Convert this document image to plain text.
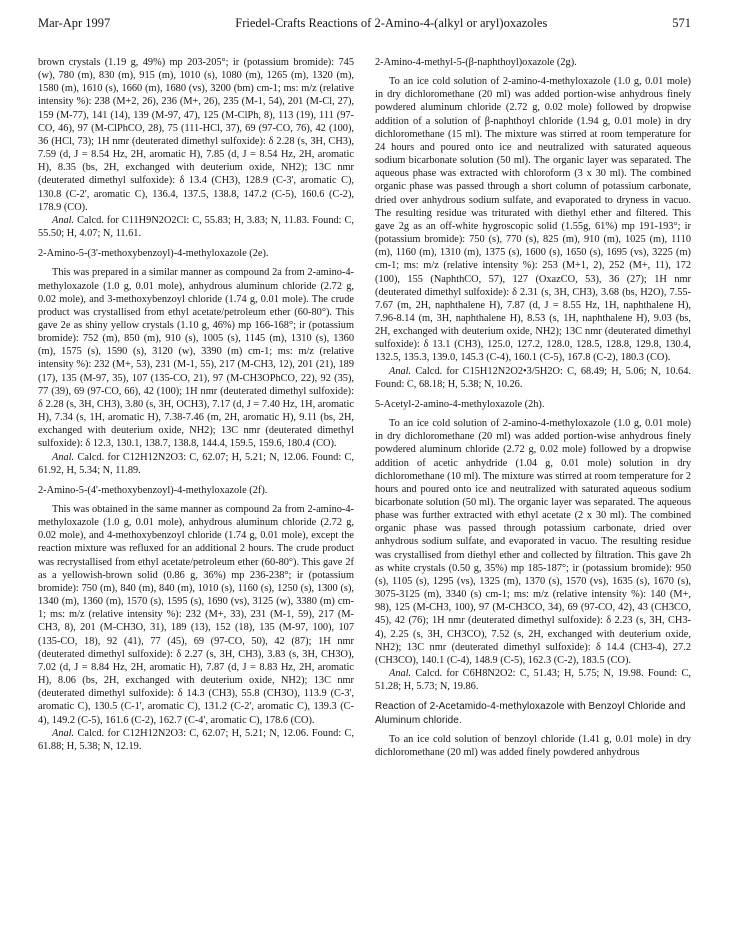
Mar-Apr 1997	Friedel-Crafts Reactions of 2-Amino-4-(alkyl or aryl)oxazoles	571

brown crystals (1.19 g, 49%) mp 203-205°; ir (potassium bromide): 745 (w), 780 (m), 830 (m), 915 (m), 1010 (s), 1080 (m), 1265 (m), 1320 (m), 1580 (m), 1610 (s), 1660 (m), 1680 (vs), 3200 (bm) cm-1; ms: m/z (relative intensity %): 238 (M+2, 26), 236 (M+, 26), 235 (M-1, 54), 201 (M-Cl, 27), 159 (M-77), 141 (14), 139 (M-97, 47), 125 (M-ClPh, 8), 113 (19), 111 (97-CO, 46), 97 (M-ClPhCO, 28), 75 (111-HCl, 37), 69 (97-CO, 76), 42 (100), 36 (HCl, 73); 1H nmr (deuterated dimethyl sulfoxide): δ 2.28 (s, 3H, CH3), 7.59 (d, J = 8.54 Hz, 2H, aromatic H), 7.85 (d, J = 8.54 Hz, 2H, aromatic H), 8.35 (bs, 2H, exchanged with deuterium oxide, NH2); 13C nmr (deuterated dimethyl sulfoxide): δ 13.4 (CH3), 128.9 (C-3', aromatic C), 130.8 (C-2', aromatic C), 136.4, 137.5, 138.8, 147.2 (C-5), 160.6 (C-2), 178.9 (CO).

Anal. Calcd. for C11H9N2O2Cl: C, 55.83; H, 3.83; N, 11.83. Found: C, 55.50; H, 4.07; N, 11.61.

2-Amino-5-(3'-methoxybenzoyl)-4-methyloxazole (2e).

This was prepared in a similar manner as compound 2a from 2-amino-4-methyloxazole (1.0 g, 0.01 mole), anhydrous aluminum chloride (2.72 g, 0.02 mole), and 3-methoxybenzoyl chloride (1.74 g, 0.01 mole). The crude product was crystallised from ethyl acetate/petroleum ether (60-80°). This gave 2e as shiny yellow crystals (1.10 g, 46%) mp 166-168°; ir (potassium bromide): 752 (m), 850 (m), 910 (s), 1005 (s), 1145 (m), 1310 (s), 1360 (m), 1575 (s), 1590 (s), 3120 (w), 3390 (m) cm-1; ms: m/z (relative intensity %): 232 (M+, 53), 231 (M-1, 55), 217 (M-CH3, 12), 201 (21), 189 (17), 135 (M-97, 35), 107 (135-CO, 21), 97 (M-CH3OPhCO, 22), 92 (35), 77 (39), 69 (97-CO, 66), 42 (100); 1H nmr (deuterated dimethyl sulfoxide): δ 2.28 (s, 3H, CH3), 3.80 (s, 3H, OCH3), 7.17 (d, J = 7.40 Hz, 1H, aromatic H), 7.34 (s, 1H, aromatic H), 7.38-7.46 (m, 2H, aromatic H), 9.11 (bs, 2H, exchanged with deuterium oxide, NH2); 13C nmr (deuterated dimethyl sulfoxide): δ 12.3, 130.1, 138.7, 138.8, 144.4, 159.5, 159.6, 180.4 (CO).

Anal. Calcd. for C12H12N2O3: C, 62.07; H, 5.21; N, 12.06. Found: C, 61.92, H, 5.34; N, 11.89.

2-Amino-5-(4'-methoxybenzoyl)-4-methyloxazole (2f).

This was obtained in the same manner as compound 2a from 2-amino-4-methyloxazole (1.0 g, 0.01 mole), anhydrous aluminum chloride (2.72 g, 0.02 mole), and 4-methoxybenzoyl chloride (1.74 g, 0.01 mole), except the reaction mixture was refluxed for an additional 2 hours. The crude product was recrystallised from ethyl acetate/petroleum ether (60-80°). This gave 2f as a yellowish-brown solid (0.86 g, 36%) mp 236-238°; ir (potassium bromide): 750 (m), 840 (m), 840 (m), 1010 (s), 1160 (s), 1250 (s), 1300 (s), 1340 (m), 1360 (m), 1570 (s), 1595 (s), 1690 (vs), 3125 (w), 3380 (m) cm-1; ms: m/z (relative intensity %): 232 (M+, 33), 231 (M-1, 59), 217 (M-CH3, 8), 201 (M-CH3O, 31), 189 (13), 152 (18), 135 (M-97, 100), 107 (135-CO, 18), 92 (41), 77 (45), 69 (97-CO, 50), 42 (87); 1H nmr (deuterated dimethyl sulfoxide): δ 2.27 (s, 3H, CH3), 3.83 (s, 3H, CH3O), 7.02 (d, J = 8.84 Hz, 2H, aromatic H), 7.87 (d, J = 8.83 Hz, 2H, aromatic H), 8.06 (bs, 2H, exchanged with deuterium oxide, NH2); 13C nmr (deuterated dimethyl sulfoxide): δ 14.3 (CH3), 55.8 (CH3O), 113.9 (C-3', aromatic C), 130.5 (C-1', aromatic C), 131.2 (C-2', aromatic C), 139.3 (C-4), 149.2 (C-5), 161.6 (C-2), 162.7 (C-4', aromatic C), 178.6 (CO).

Anal. Calcd. for C12H12N2O3: C, 62.07; H, 5.21; N, 12.06. Found: C, 61.88; H, 5.38; N, 12.19.

2-Amino-4-methyl-5-(β-naphthoyl)oxazole (2g).

To an ice cold solution of 2-amino-4-methyloxazole (1.0 g, 0.01 mole) in dry dichloromethane (20 ml) was added portion-wise anhydrous finely powdered aluminum chloride (2.72 g, 0.02 mole) followed by dropwise addition of a solution of β-naphthoyl chloride (1.94 g, 0.01 mole) in dry dichloromethane (15 ml). The mixture was stirred at room temperature for 24 hours and poured onto ice and neutralized with saturated aqueous sodium bicarbonate solution (50 ml). The organic layer was separated. The aqueous phase was extracted with chloroform (3 x 30 ml). The combined organic phase was passed through a short column of potassium carbonate, dried over anhydrous sodium sulfate, and evaporated to dryness in vacuo. The resulting residue was triturated with diethyl ether and filtered. This gave 2g as an off-white hygroscopic solid (1.55g, 61%) mp 191-193°; ir (potassium bromide): 750 (s), 770 (s), 825 (m), 910 (m), 1025 (m), 1110 (m), 1160 (m), 1310 (m), 1375 (s), 1600 (s), 1650 (s), 1695 (vs), 3225 (m) cm-1; ms: m/z (relative intensity %): 253 (M+1, 2), 252 (M+, 11), 172 (100), 155 (NaphthCO, 57), 127 (OxazCO, 53), 36 (27); 1H nmr (deuterated dimethyl sulfoxide): δ 2.31 (s, 3H, CH3), 3.68 (bs, H2O), 7.55-7.67 (m, 2H, naphthalene H), 7.87 (d, J = 8.55 Hz, 1H, naphthalene H), 7.96-8.14 (m, 3H, naphthalene H), 8.53 (s, 1H, naphthalene H), 9.03 (bs, 2H, exchanged with deuterium oxide, NH2); 13C nmr (deuterated dimethyl sulfoxide): δ 13.1 (CH3), 125.0, 127.2, 128.0, 128.5, 128.8, 129.8, 130.4, 132.5, 135.3, 139.0, 145.3 (C-4), 160.1 (C-5), 167.8 (C-2), 180.3 (CO).

Anal. Calcd. for C15H12N2O2•3/5H2O: C, 68.49; H, 5.06; N, 10.64. Found: C, 68.18; H, 5.38; N, 10.26.

5-Acetyl-2-amino-4-methyloxazole (2h).

To an ice cold solution of 2-amino-4-methyloxazole (1.0 g, 0.01 mole) in dry dichloromethane (20 ml) was added portion-wise anhydrous finely powdered aluminum chloride (2.72 g, 0.02 mole) followed by a dropwise addition of acetic anhydride (1.04 g, 0.01 mole) solution in dry dichloromethane (10 ml). The mixture was stirred at room temperature for 2 hours and poured onto ice and neutralized with saturated aqueous sodium bicarbonate solution (50 ml). The organic layer was separated. The aqueous phase was further extracted with ethyl acetate (2 x 30 ml). The combined organic phase was passed through potassium carbonate, dried over anhydrous sodium sulfate, and evaporated in vacuo. The resulting residue was crystallised from diethyl ether and collected by filtration. This gave 2h as white crystals (0.50 g, 35%) mp 185-187°; ir (potassium bromide): 950 (s), 1105 (s), 1295 (vs), 1325 (m), 1370 (s), 1570 (vs), 1635 (s), 1670 (s), 3075-3125 (m), 3340 (s) cm-1; ms: m/z (relative intensity %): 140 (M+, 98), 125 (M-CH3, 100), 97 (M-CH3CO, 34), 69 (97-CO, 42), 43 (CH3CO, 45), 42 (76); 1H nmr (deuterated dimethyl sulfoxide): δ 2.23 (s, 3H, CH3-4), 2.25 (s, 3H, CH3CO), 7.52 (s, 2H, exchanged with deuterium oxide, NH2); 13C nmr (deuterated dimethyl sulfoxide): δ 14.4 (CH3-4), 27.2 (CH3CO), 140.1 (C-4), 148.9 (C-5), 162.3 (C-2), 183.5 (CO).

Anal. Calcd. for C6H8N2O2: C, 51.43; H, 5.75; N, 19.98. Found: C, 51.28; H, 5.73; N, 19.86.

Reaction of 2-Acetamido-4-methyloxazole with Benzoyl Chloride and Aluminum chloride.

To an ice cold solution of benzoyl chloride (1.41 g, 0.01 mole) in dry dichloromethane (20 ml) was added finely powdered anhydrous
